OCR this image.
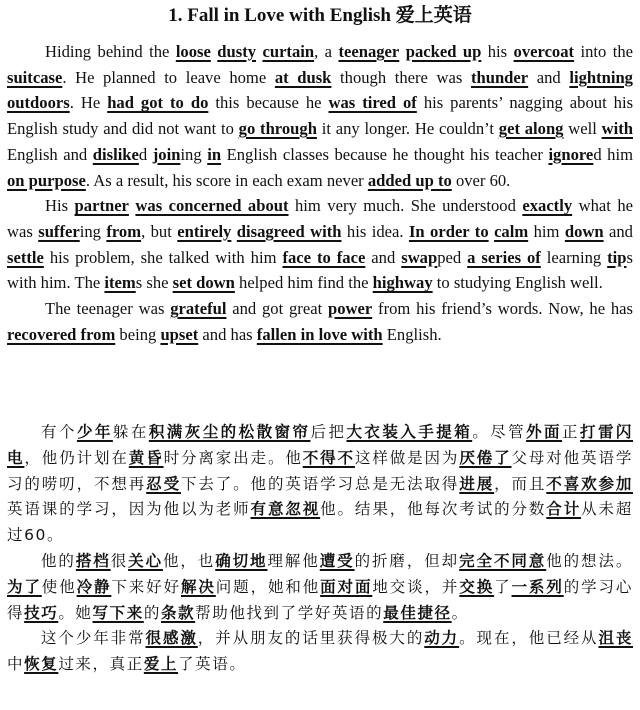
1. Fall in Love with English 爱上英语

Hiding behind the loose dusty curtain, a teenager packed up his overcoat into the suitcase. He planned to leave home at dusk though there was thunder and lightning outdoors. He had got to do this because he was tired of his parents’ nagging about his English study and did not want to go through it any longer. He couldn’t get along well with English and disliked joining in English classes because he thought his teacher ignored him on purpose. As a result, his score in each exam never added up to over 60.

His partner was concerned about him very much. She understood exactly what he was suffering from, but entirely disagreed with his idea. In order to calm him down and settle his problem, she talked with him face to face and swapped a series of learning tips with him. The items she set down helped him find the highway to studying English well.

The teenager was grateful and got great power from his friend’s words. Now, he has recovered from being upset and has fallen in love with English.

有个少年躲在积满灰尘的松散窗帘后把大衣装入手提箱。尽管外面正打雷闪电，他仍计划在黄昏时分离家出走。他不得不这样做是因为厌倦了父母对他英语学习的唠叨，不想再忍受下去了。他的英语学习总是无法取得进展，而且不喜欢参加英语课的学习，因为他以为老师有意忽视他。结果，他每次考试的分数合计从未超过60。

他的搭档很关心他，也确切地理解他遭受的折磨，但却完全不同意他的想法。为了使他冷静下来好好解决问题，她和他面对面地交谈，并交换了一系列的学习心得技巧。她写下来的条款帮助他找到了学好英语的最佳捷径。

这个少年非常很感激，并从朋友的话里获得极大的动力。现在，他已经从沮丧中恢复过来，真正爱上了英语。
